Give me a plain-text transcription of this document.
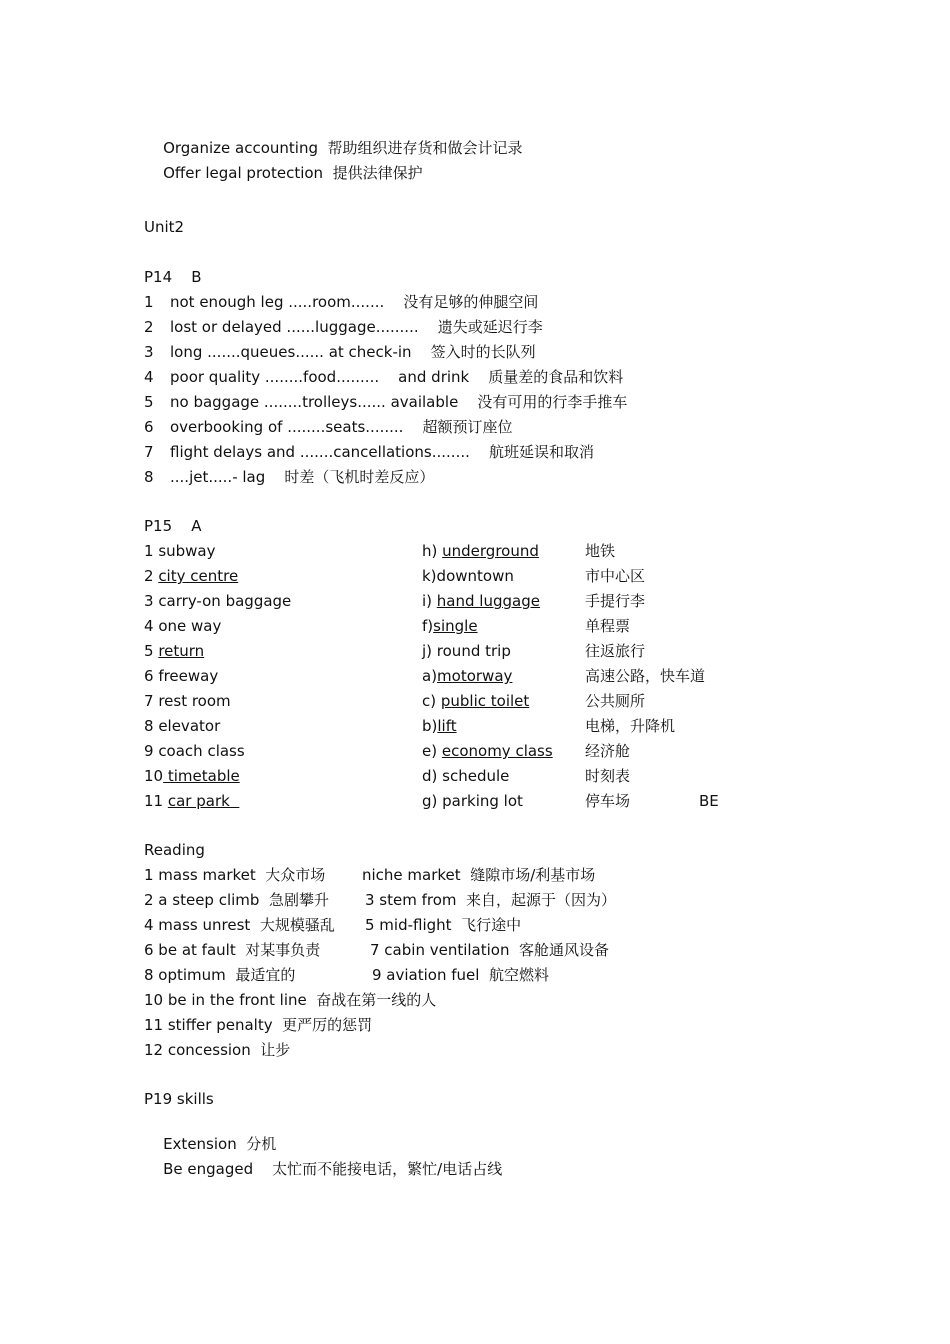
Organize accounting 帮助组织进存货和做会计记录

Offer legal protection 提供法律保护

Unit2
P14    B
1 not enough leg .....room....... 没有足够的伸腿空间
2 lost or delayed ......luggage......... 遗失或延迟行李
3 long .......queues...... at check-in 签入时的长队列
4 poor quality ........food.........    and drink 质量差的食品和饮料
5 no baggage ........trolleys...... available 没有可用的行李手推车
6 overbooking of ........seats........ 超额预订座位
7 flight delays and .......cancellations........ 航班延误和取消
8 ....jet.....- lag 时差（飞机时差反应）
P15    A
1 subway	h) underground	地铁
2 city centre	k)downtown	市中心区
3 carry-on baggage	i) hand luggage	手提行李
4 one way	f)single	单程票
5 return	j) round trip	往返旅行
6 freeway	a)motorway	高速公路，快车道
7 rest room	c) public toilet	公共厕所
8 elevator	b)lift	电梯，升降机
9 coach class	e) economy class 经济舱
10 timetable	d) schedule	时刻表
11 car park	g) parking lot	停车场	BE
Reading
1 mass market  大众市场 niche market  缝隙市场/利基市场
2 a steep climb  急剧攀升 3 stem from  来自，起源于（因为）
4 mass unrest  大规模骚乱 5 mid-flight  飞行途中
6 be at fault  对某事负责	7 cabin ventilation  客舱通风设备
8 optimum  最适宜的	9 aviation fuel  航空燃料
10 be in the front line  奋战在第一线的人
11 stiffer penalty  更严厉的惩罚
12 concession  让步
P19 skills

Extension 分机

Be engaged 太忙而不能接电话，繁忙/电话占线
